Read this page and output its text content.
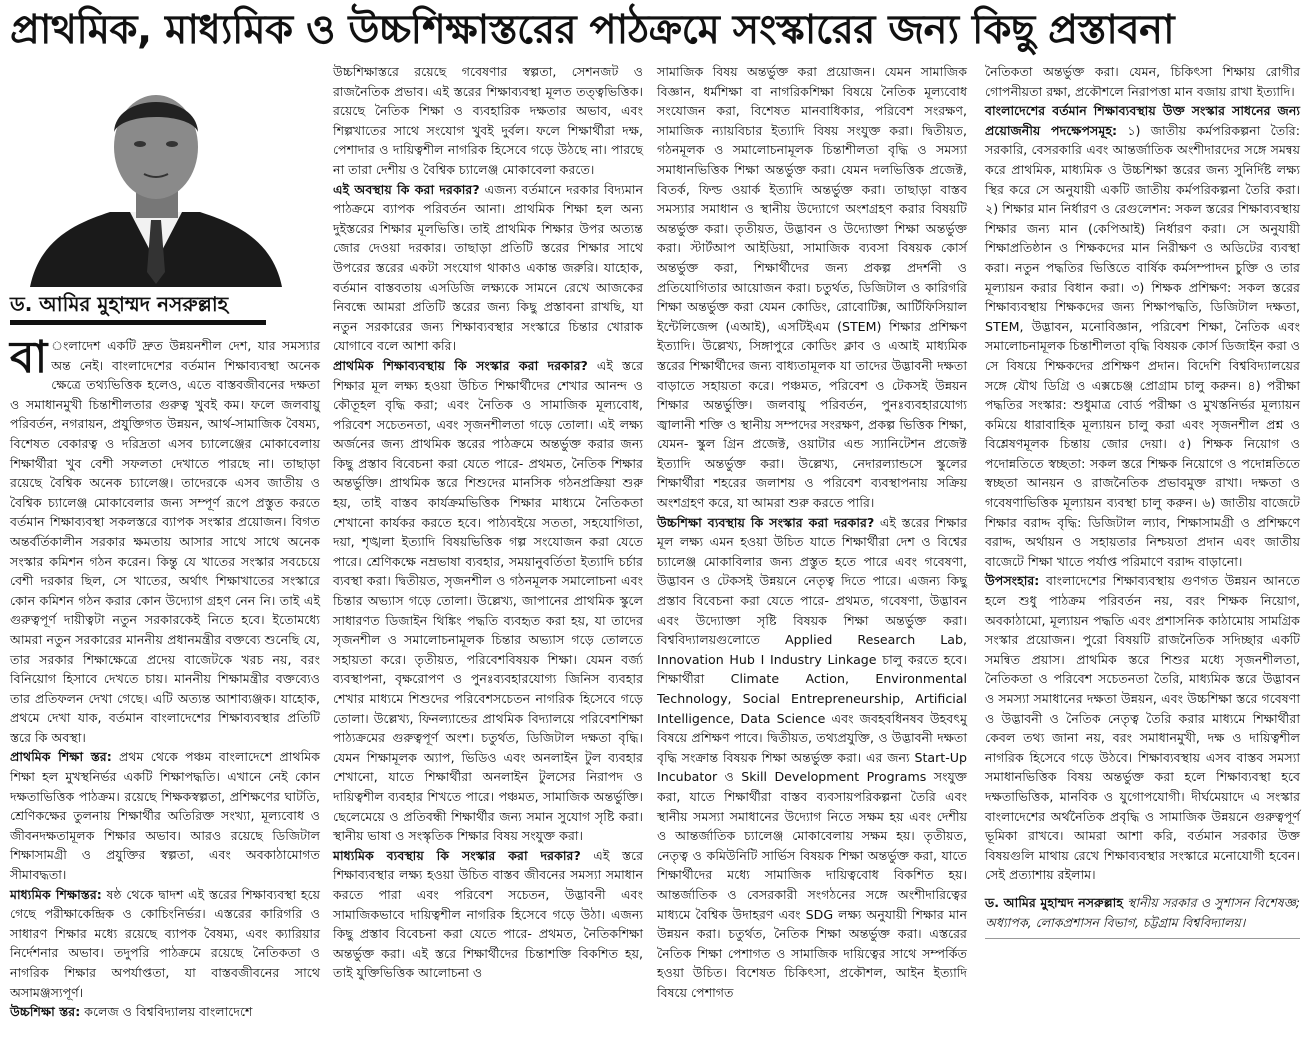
প্রাথমিক, মাধ্যমিক ও উচ্চশিক্ষাস্তরের পাঠক্রমে সংস্কারের জন্য কিছু প্রস্তাবনা
ড. আমির মুহাম্মদ নসরুল্লাহ

বা ংলাদেশ একটি দ্রুত উন্নয়নশীল দেশ, যার সমস্যার অন্ত নেই। বাংলাদেশের বর্তমান শিক্ষাব্যবস্থা অনেক ক্ষেত্রে তথ্যভিত্তিক হলেও, এতে বাস্তবজীবনের দক্ষতা ও সমাধানমুখী চিন্তাশীলতার গুরুত্ব খুবই কম। ফলে জলবায়ু পরিবর্তন, নগরায়ন, প্রযুক্তিগত উন্নয়ন, আর্থ-সামাজিক বৈষম্য, বিশেষত বেকারত্ব ও দরিদ্রতা এসব চ্যালেঞ্জের মোকাবেলায় শিক্ষার্থীরা খুব বেশী সফলতা দেখাতে পারছে না। তাছাড়া রয়েছে বৈশ্বিক অনেক চ্যালেঞ্জ। তাদেরকে এসব জাতীয় ও বৈশ্বিক চ্যালেঞ্জ মোকাবেলার জন্য সম্পূর্ণ রূপে প্রস্তুত করতে বর্তমান শিক্ষাব্যবস্থা সকলস্তরে ব্যাপক সংস্কার প্রয়োজন। বিগত অন্তর্বর্তিকালীন সরকার ক্ষমতায় আসার সাথে সাথে অনেক সংস্কার কমিশন গঠন করেন। কিন্তু যে খাতের সংস্কার সবচেয়ে বেশী দরকার ছিল, সে খাতের, অর্থাৎ শিক্ষাখাতের সংস্কারে কোন কমিশন গঠন করার কোন উদ্যোগ গ্রহণ নেন নি। তাই এই গুরুত্বপূর্ণ দায়ীত্বটা নতুন সরকারকেই নিতে হবে। ইতোমধ্যে আমরা নতুন সরকারের মাননীয় প্রধানমন্ত্রীর বক্তব্যে শুনেছি যে, তার সরকার শিক্ষাক্ষেত্রে প্রদেয় বাজেটকে খরচ নয়, বরং বিনিয়োগ হিসাবে দেখতে চায়। মাননীয় শিক্ষামন্ত্রীর বক্তব্যেও তার প্রতিফলন দেখা গেছে। এটি অত্যন্ত আশাব্যঞ্জক। যাহোক, প্রথমে দেখা যাক, বর্তমান বাংলাদেশের শিক্ষাব্যবস্থার প্রতিটি স্তরে কি অবস্থা।

প্রাথমিক শিক্ষা স্তর: প্রথম থেকে পঞ্চম বাংলাদেশে প্রাথমিক শিক্ষা হল মুখস্থনির্ভর একটি শিক্ষাপদ্ধতি। এখানে নেই কোন দক্ষতাভিত্তিক পাঠক্রম। রয়েছে শিক্ষকস্বল্পতা, প্রশিক্ষণের ঘাটতি, শ্রেণিকক্ষের তুলনায় শিক্ষার্থীর অতিরিক্ত সংখ্যা, মূল্যবোধ ও জীবনদক্ষতামূলক শিক্ষার অভাব। আরও রয়েছে ডিজিটাল শিক্ষাসামগ্রী ও প্রযুক্তির স্বল্পতা, এবং অবকাঠামোগত সীমাবদ্ধতা।

মাধ্যমিক শিক্ষাস্তর: ষষ্ঠ থেকে দ্বাদশ এই স্তরের শিক্ষাব্যবস্থা হয়ে গেছে পরীক্ষাকেন্দ্রিক ও কোচিংনির্ভর। এস্তরের কারিগরি ও সাধারণ শিক্ষার মধ্যে রয়েছে ব্যাপক বৈষম্য, এবং ক্যারিয়ার নির্দেশনার অভাব। তদুপরি পাঠক্রমে রয়েছে নৈতিকতা ও নাগরিক শিক্ষার অপর্যাপ্ততা, যা বাস্তবজীবনের সাথে অসামঞ্জস্যপূর্ণ।

উচ্চশিক্ষা স্তর: কলেজ ও বিশ্ববিদ্যালয় বাংলাদেশে

উচ্চশিক্ষাস্তরে রয়েছে গবেষণার স্বল্পতা, সেশনজট ও রাজনৈতিক প্রভাব। এই স্তরের শিক্ষাব্যবস্থা মূলত তত্ত্বভিত্তিক। রয়েছে নৈতিক শিক্ষা ও ব্যবহারিক দক্ষতার অভাব, এবং শিল্পখাতের সাথে সংযোগ খুবই দুর্বল। ফলে শিক্ষার্থীরা দক্ষ, পেশাদার ও দায়িত্বশীল নাগরিক হিসেবে গড়ে উঠছে না। পারছে না তারা দেশীয় ও বৈশ্বিক চ্যালেঞ্জ মোকাবেলা করতে।

এই অবস্থায় কি করা দরকার? এজন্য বর্তমানে দরকার বিদ্যমান পাঠক্রমে ব্যাপক পরিবর্তন আনা। প্রাথমিক শিক্ষা হল অন্য দুইস্তরের শিক্ষার মূলভিত্তি। তাই প্রাথমিক শিক্ষার উপর অত্যন্ত জোর দেওয়া দরকার। তাছাড়া প্রতিটি স্তরের শিক্ষার সাথে উপরের স্তরের একটা সংযোগ থাকাও একান্ত জরুরি। যাহোক, বর্তমান বাস্তবতায় এসডিজি লক্ষ্যকে সামনে রেখে আজকের নিবন্ধে আমরা প্রতিটি স্তরের জন্য কিছু প্রস্তাবনা রাখছি, যা নতুন সরকারের জন্য শিক্ষাব্যবস্থার সংস্কারে চিন্তার খোরাক যোগাবে বলে আশা করি।

প্রাথমিক শিক্ষাব্যবস্থায় কি সংস্কার করা দরকার? এই স্তরে শিক্ষার মূল লক্ষ্য হওয়া উচিত শিক্ষার্থীদের শেখার আনন্দ ও কৌতূহল বৃদ্ধি করা; এবং নৈতিক ও সামাজিক মূল্যবোধ, পরিবেশ সচেতনতা, এবং সৃজনশীলতা গড়ে তোলা। এই লক্ষ্য অর্জনের জন্য প্রাথমিক স্তরের পাঠক্রমে অন্তর্ভুক্ত করার জন্য কিছু প্রস্তাব বিবেচনা করা যেতে পারে- প্রথমত, নৈতিক শিক্ষার অন্তর্ভুক্তি। প্রাথমিক স্তরে শিশুদের মানসিক গঠনপ্রক্রিয়া শুরু হয়, তাই বাস্তব কার্যক্রমভিত্তিক শিক্ষার মাধ্যমে নৈতিকতা শেখানো কার্যকর করতে হবে। পাঠ্যবইয়ে সততা, সহযোগিতা, দয়া, শৃঙ্খলা ইত্যাদি বিষয়ভিত্তিক গল্প সংযোজন করা যেতে পারে। শ্রেণিকক্ষে নম্রভাষা ব্যবহার, সময়ানুবর্তিতা ইত্যাদি চর্চার ব্যবস্থা করা। দ্বিতীয়ত, সৃজনশীল ও গঠনমূলক সমালোচনা এবং চিন্তার অভ্যাস গড়ে তোলা। উল্লেখ্য, জাপানের প্রাথমিক স্কুলে সাধারণত ডিজাইন থিঙ্কিং পদ্ধতি ব্যবহৃত করা হয়, যা তাদের সৃজনশীল ও সমালোচনামূলক চিন্তার অভ্যাস গড়ে তোলতে সহায়তা করে। তৃতীয়ত, পরিবেশবিষয়ক শিক্ষা। যেমন বর্জ্য ব্যবস্থাপনা, বৃক্ষরোপণ ও পুনঃব্যবহারযোগ্য জিনিস ব্যবহার শেখার মাধ্যমে শিশুদের পরিবেশসচেতন নাগরিক হিসেবে গড়ে তোলা। উল্লেখ্য, ফিনল্যান্ডের প্রাথমিক বিদ্যালয়ে পরিবেশশিক্ষা পাঠ্যক্রমের গুরুত্বপূর্ণ অংশ। চতুর্থত, ডিজিটাল দক্ষতা বৃদ্ধি। যেমন শিক্ষামূলক অ্যাপ, ভিডিও এবং অনলাইন টুল ব্যবহার শেখানো, যাতে শিক্ষার্থীরা অনলাইন টুলসের নিরাপদ ও দায়িত্বশীল ব্যবহার শিখতে পারে। পঞ্চমত, সামাজিক অন্তর্ভুক্তি। ছেলেমেয়ে ও প্রতিবন্ধী শিক্ষার্থীর জন্য সমান সুযোগ সৃষ্টি করা। স্থানীয় ভাষা ও সংস্কৃতিক শিক্ষার বিষয় সংযুক্ত করা।

মাধ্যমিক ব্যবস্থায় কি সংস্কার করা দরকার? এই স্তরে শিক্ষাব্যবস্থার লক্ষ্য হওয়া উচিত বাস্তব জীবনের সমস্যা সমাধান করতে পারা এবং পরিবেশ সচেতন, উদ্ভাবনী এবং সামাজিকভাবে দায়িত্বশীল নাগরিক হিসেবে গড়ে উঠা। এজন্য কিছু প্রস্তাব বিবেচনা করা যেতে পারে- প্রথমত, নৈতিকশিক্ষা অন্তর্ভুক্ত করা। এই স্তরে শিক্ষার্থীদের চিন্তাশক্তি বিকশিত হয়, তাই যুক্তিভিত্তিক আলোচনা ও

সামাজিক বিষয় অন্তর্ভুক্ত করা প্রয়োজন। যেমন সামাজিক বিজ্ঞান, ধর্মশিক্ষা বা নাগরিকশিক্ষা বিষয়ে নৈতিক মূল্যবোধ সংযোজন করা, বিশেষত মানবাধিকার, পরিবেশ সংরক্ষণ, সামাজিক ন্যায়বিচার ইত্যাদি বিষয় সংযুক্ত করা। দ্বিতীয়ত, গঠনমূলক ও সমালোচনামূলক চিন্তাশীলতা বৃদ্ধি ও সমস্যা সমাধানভিত্তিক শিক্ষা অন্তর্ভুক্ত করা। যেমন দলভিত্তিক প্রজেক্ট, বিতর্ক, ফিল্ড ওয়ার্ক ইত্যাদি অন্তর্ভুক্ত করা। তাছাড়া বাস্তব সমস্যার সমাধান ও স্থানীয় উদ্যোগে অংশগ্রহণ করার বিষয়টি অন্তর্ভুক্ত করা। তৃতীয়ত, উদ্ভাবন ও উদ্যোক্তা শিক্ষা অন্তর্ভুক্ত করা। স্টার্টআপ আইডিয়া, সামাজিক ব্যবসা বিষয়ক কোর্স অন্তর্ভুক্ত করা, শিক্ষার্থীদের জন্য প্রকল্প প্রদর্শনী ও প্রতিযোগিতার আয়োজন করা। চতুর্থত, ডিজিটাল ও কারিগরি শিক্ষা অন্তর্ভুক্ত করা যেমন কোডিং, রোবোটিক্স, আর্টিফিসিয়াল ইন্টেলিজেন্স (এআই), এসটিইএম (STEM) শিক্ষার প্রশিক্ষণ ইত্যাদি। উল্লেখ্য, সিঙ্গাপুরে কোডিং ক্লাব ও এআই মাধ্যমিক স্তরের শিক্ষার্থীদের জন্য বাধ্যতামূলক যা তাদের উদ্ভাবনী দক্ষতা বাড়াতে সহায়তা করে। পঞ্চমত, পরিবেশ ও টেকসই উন্নয়ন শিক্ষার অন্তর্ভুক্তি। জলবায়ু পরিবর্তন, পুনঃব্যবহারযোগ্য জ্বালানী শক্তি ও স্থানীয় সম্পদের সংরক্ষণ, প্রকল্প ভিত্তিক শিক্ষা, যেমন- স্কুল গ্রিন প্রজেক্ট, ওয়াটার এন্ড স্যানিটেশন প্রজেক্ট ইত্যাদি অন্তর্ভুক্ত করা। উল্লেখ্য, নেদারল্যান্ডসে স্কুলের শিক্ষার্থীরা শহরের জলাশয় ও পরিবেশ ব্যবস্থাপনায় সক্রিয় অংশগ্রহণ করে, যা আমরা শুরু করতে পারি।

উচ্চশিক্ষা ব্যবস্থায় কি সংস্কার করা দরকার? এই স্তরের শিক্ষার মূল লক্ষ্য এমন হওয়া উচিত যাতে শিক্ষার্থীরা দেশ ও বিশ্বের চ্যালেঞ্জ মোকাবিলার জন্য প্রস্তুত হতে পারে এবং গবেষণা, উদ্ভাবন ও টেকসই উন্নয়নে নেতৃত্ব দিতে পারে। এজন্য কিছু প্রস্তাব বিবেচনা করা যেতে পারে- প্রথমত, গবেষণা, উদ্ভাবন এবং উদ্যোক্তা সৃষ্টি বিষয়ক শিক্ষা অন্তর্ভুক্ত করা। বিশ্ববিদ্যালয়গুলোতে Applied Research Lab, Innovation Hub I Industry Linkage চালু করতে হবে। শিক্ষার্থীরা Climate Action, Environmental Technology, Social Entrepreneurship, Artificial Intelligence, Data Science এবং জবহবধিনষব উহবৎমু বিষয়ে প্রশিক্ষণ পাবে। দ্বিতীয়ত, তথ্যপ্রযুক্তি, ও উদ্ভাবনী দক্ষতা বৃদ্ধি সংক্রান্ত বিষয়ক শিক্ষা অন্তর্ভুক্ত করা। এর জন্য Start-Up Incubator ও Skill Development Programs সংযুক্ত করা, যাতে শিক্ষার্থীরা বাস্তব ব্যবসায়পরিকল্পনা তৈরি এবং স্থানীয় সমস্যা সমাধানের উদ্যোগ নিতে সক্ষম হয় এবং দেশীয় ও আন্তর্জাতিক চ্যালেঞ্জ মোকাবেলায় সক্ষম হয়। তৃতীয়ত, নেতৃত্ব ও কমিউনিটি সার্ভিস বিষয়ক শিক্ষা অন্তর্ভুক্ত করা, যাতে শিক্ষার্থীদের মধ্যে সামাজিক দায়িত্ববোধ বিকশিত হয়। আন্তর্জাতিক ও বেসরকারী সংগঠনের সঙ্গে অংশীদারিত্বের মাধ্যমে বৈশ্বিক উদাহরণ এবং SDG লক্ষ্য অনুযায়ী শিক্ষার মান উন্নয়ন করা। চতুর্থত, নৈতিক শিক্ষা অন্তর্ভুক্ত করা। এস্তরের নৈতিক শিক্ষা পেশাগত ও সামাজিক দায়িত্বের সাথে সম্পর্কিত হওয়া উচিত। বিশেষত চিকিৎসা, প্রকৌশল, আইন ইত্যাদি বিষয়ে পেশাগত

নৈতিকতা অন্তর্ভুক্ত করা। যেমন, চিকিৎসা শিক্ষায় রোগীর গোপনীয়তা রক্ষা, প্রকৌশলে নিরাপত্তা মান বজায় রাখা ইত্যাদি।

বাংলাদেশের বর্তমান শিক্ষাব্যবস্থায় উক্ত সংস্কার সাধনের জন্য প্রয়োজনীয় পদক্ষেপসমূহ: ১) জাতীয় কর্মপরিকল্পনা তৈরি: সরকারি, বেসরকারি এবং আন্তর্জাতিক অংশীদারদের সঙ্গে সমন্বয় করে প্রাথমিক, মাধ্যমিক ও উচ্চশিক্ষা স্তরের জন্য সুনির্দিষ্ট লক্ষ্য স্থির করে সে অনুযায়ী একটি জাতীয় কর্মপরিকল্পনা তৈরি করা। ২) শিক্ষার মান নির্ধারণ ও রেগুলেশন: সকল স্তরের শিক্ষাব্যবস্থায় শিক্ষার জন্য মান (কেপিআই) নির্ধারণ করা। সে অনুযায়ী শিক্ষাপ্রতিষ্ঠান ও শিক্ষকদের মান নিরীক্ষণ ও অডিটের ব্যবস্থা করা। নতুন পদ্ধতির ভিত্তিতে বার্ষিক কর্মসম্পাদন চুক্তি ও তার মূল্যায়ন করার বিধান করা। ৩) শিক্ষক প্রশিক্ষণ: সকল স্তরের শিক্ষাব্যবস্থায় শিক্ষকদের জন্য শিক্ষাপদ্ধতি, ডিজিটাল দক্ষতা, STEM, উদ্ভাবন, মনোবিজ্ঞান, পরিবেশ শিক্ষা, নৈতিক এবং সমালোচনামূলক চিন্তাশীলতা বৃদ্ধি বিষয়ক কোর্স ডিজাইন করা ও সে বিষয়ে শিক্ষকদের প্রশিক্ষণ প্রদান। বিদেশি বিশ্ববিদ্যালয়ের সঙ্গে যৌথ ডিগ্রি ও এক্সচেঞ্জ প্রোগ্রাম চালু করুন। ৪) পরীক্ষা পদ্ধতির সংস্কার: শুধুমাত্র বোর্ড পরীক্ষা ও মুখস্তনির্ভর মূল্যায়ন কমিয়ে ধারাবাহিক মূল্যায়ন চালু করা এবং সৃজনশীল প্রশ্ন ও বিশ্লেষণমূলক চিন্তায় জোর দেয়া। ৫) শিক্ষক নিয়োগ ও পদোন্নতিতে স্বচ্ছতা: সকল স্তরে শিক্ষক নিয়োগে ও পদোন্নতিতে স্বচ্ছতা আনয়ন ও রাজনৈতিক প্রভাবমুক্ত রাখা। দক্ষতা ও গবেষণাভিত্তিক মূল্যায়ন ব্যবস্থা চালু করুন। ৬) জাতীয় বাজেটে শিক্ষার বরাদ্দ বৃদ্ধি: ডিজিটাল ল্যাব, শিক্ষাসামগ্রী ও প্রশিক্ষণে বরাদ্দ, অর্থায়ন ও সহায়তার নিশ্চয়তা প্রদান এবং জাতীয় বাজেটে শিক্ষা খাতে পর্যাপ্ত পরিমাণে বরাদ্দ বাড়ানো।

উপসংহার: বাংলাদেশের শিক্ষাব্যবস্থায় গুণগত উন্নয়ন আনতে হলে শুধু পাঠক্রম পরিবর্তন নয়, বরং শিক্ষক নিয়োগ, অবকাঠামো, মূল্যায়ন পদ্ধতি এবং প্রশাসনিক কাঠামোয় সামগ্রিক সংস্কার প্রয়োজন। পুরো বিষয়টি রাজনৈতিক সদিচ্ছার একটি সমন্বিত প্রয়াস। প্রাথমিক স্তরে শিশুর মধ্যে সৃজনশীলতা, নৈতিকতা ও পরিবেশ সচেতনতা তৈরি, মাধ্যমিক স্তরে উদ্ভাবন ও সমস্যা সমাধানের দক্ষতা উন্নয়ন, এবং উচ্চশিক্ষা স্তরে গবেষণা ও উদ্ভাবনী ও নৈতিক নেতৃত্ব তৈরি করার মাধ্যমে শিক্ষার্থীরা কেবল তথ্য জানা নয়, বরং সমাধানমুখী, দক্ষ ও দায়িত্বশীল নাগরিক হিসেবে গড়ে উঠবে। শিক্ষাব্যবস্থায় এসব বাস্তব সমস্যা সমাধানভিত্তিক বিষয় অন্তর্ভুক্ত করা হলে শিক্ষাব্যবস্থা হবে দক্ষতাভিত্তিক, মানবিক ও যুগোপযোগী। দীর্ঘমেয়াদে এ সংস্কার বাংলাদেশের অর্থনৈতিক প্রবৃদ্ধি ও সামাজিক উন্নয়নে গুরুত্বপূর্ণ ভূমিকা রাখবে। আমরা আশা করি, বর্তমান সরকার উক্ত বিষয়গুলি মাথায় রেখে শিক্ষাব্যবস্থার সংস্কারে মনোযোগী হবেন। সেই প্রত্যাশায় রইলাম।

ড. আমির মুহাম্মদ নসরুল্লাহ স্থানীয় সরকার ও সুশাসন বিশেষজ্ঞ; অধ্যাপক, লোকপ্রশাসন বিভাগ, চট্টগ্রাম বিশ্ববিদ্যালয়।
